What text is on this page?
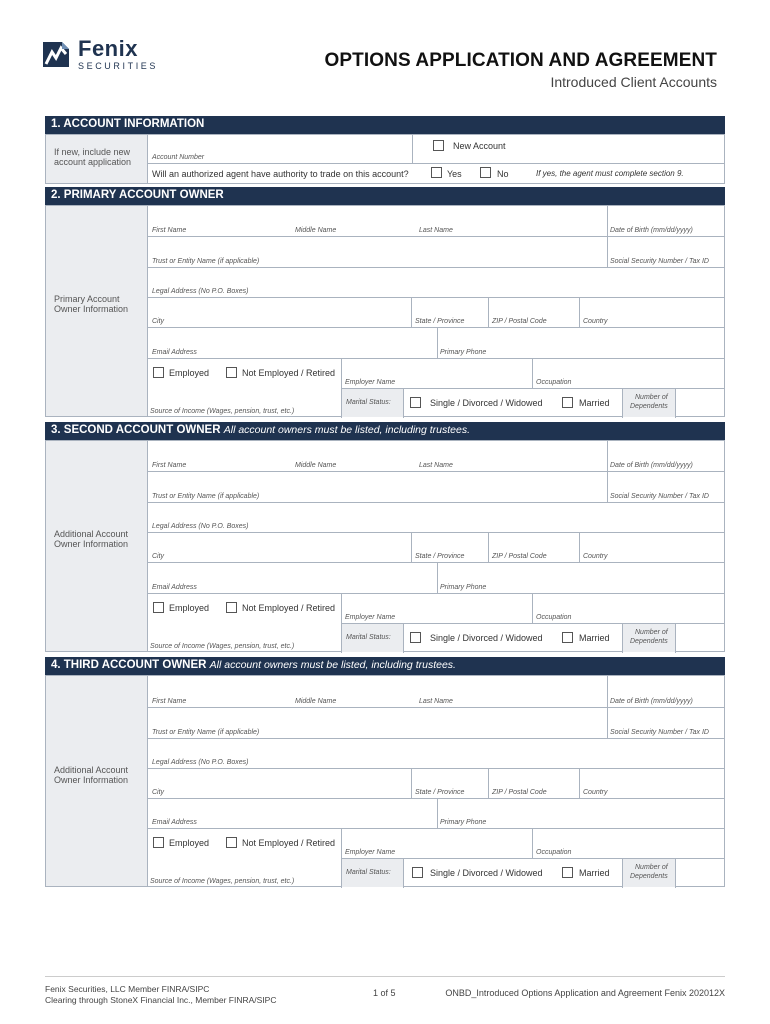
Fenix
SECURITIES	OPTIONS APPLICATION AND AGREEMENT
Introduced Client Accounts
1. ACCOUNT INFORMATION
If new, include new
account application	Account Number
New Account
Will an authorized agent have authority to trade on this account?	Yes	No	If yes, the agent must complete section 9.
2. PRIMARY ACCOUNT OWNER
Primary Account
Owner Information
First Name	Middle Name	Last Name	Date of Birth (mm/dd/yyyy)
Trust or Entity Name (if applicable)	Social Security Number / Tax ID
Legal Address (No P.O. Boxes)
City	State / Province	ZIP / Postal Code	Country
Email Address	Primary Phone
Employed	Not Employed / Retired
Employer Name	Occupation
Marital Status:	Single / Divorced / Widowed	Married
Number of
Dependents
Source of Income (Wages, pension, trust, etc.)
3. SECOND ACCOUNT OWNER All account owners must be listed, including trustees.
Additional Account
Owner Information
First Name	Middle Name	Last Name	Date of Birth (mm/dd/yyyy)
Trust or Entity Name (if applicable)	Social Security Number / Tax ID
Legal Address (No P.O. Boxes)
City	State / Province	ZIP / Postal Code	Country
Email Address	Primary Phone
Employed	Not Employed / Retired
Employer Name	Occupation
Marital Status:	Single / Divorced / Widowed	Married
Number of
Dependents
Source of Income (Wages, pension, trust, etc.)
4. THIRD ACCOUNT OWNER All account owners must be listed, including trustees.
Additional Account
Owner Information
First Name	Middle Name	Last Name	Date of Birth (mm/dd/yyyy)
Trust or Entity Name (if applicable)	Social Security Number / Tax ID
Legal Address (No P.O. Boxes)
City	State / Province	ZIP / Postal Code	Country
Email Address	Primary Phone
Employed	Not Employed / Retired
Employer Name	Occupation
Marital Status:	Single / Divorced / Widowed	Married
Number of
Dependents
Source of Income (Wages, pension, trust, etc.)
Fenix Securities, LLC Member FINRA/SIPC
Clearing through StoneX Financial Inc., Member FINRA/SIPC
1 of 5	ONBD_Introduced Options Application and Agreement Fenix 202012X
